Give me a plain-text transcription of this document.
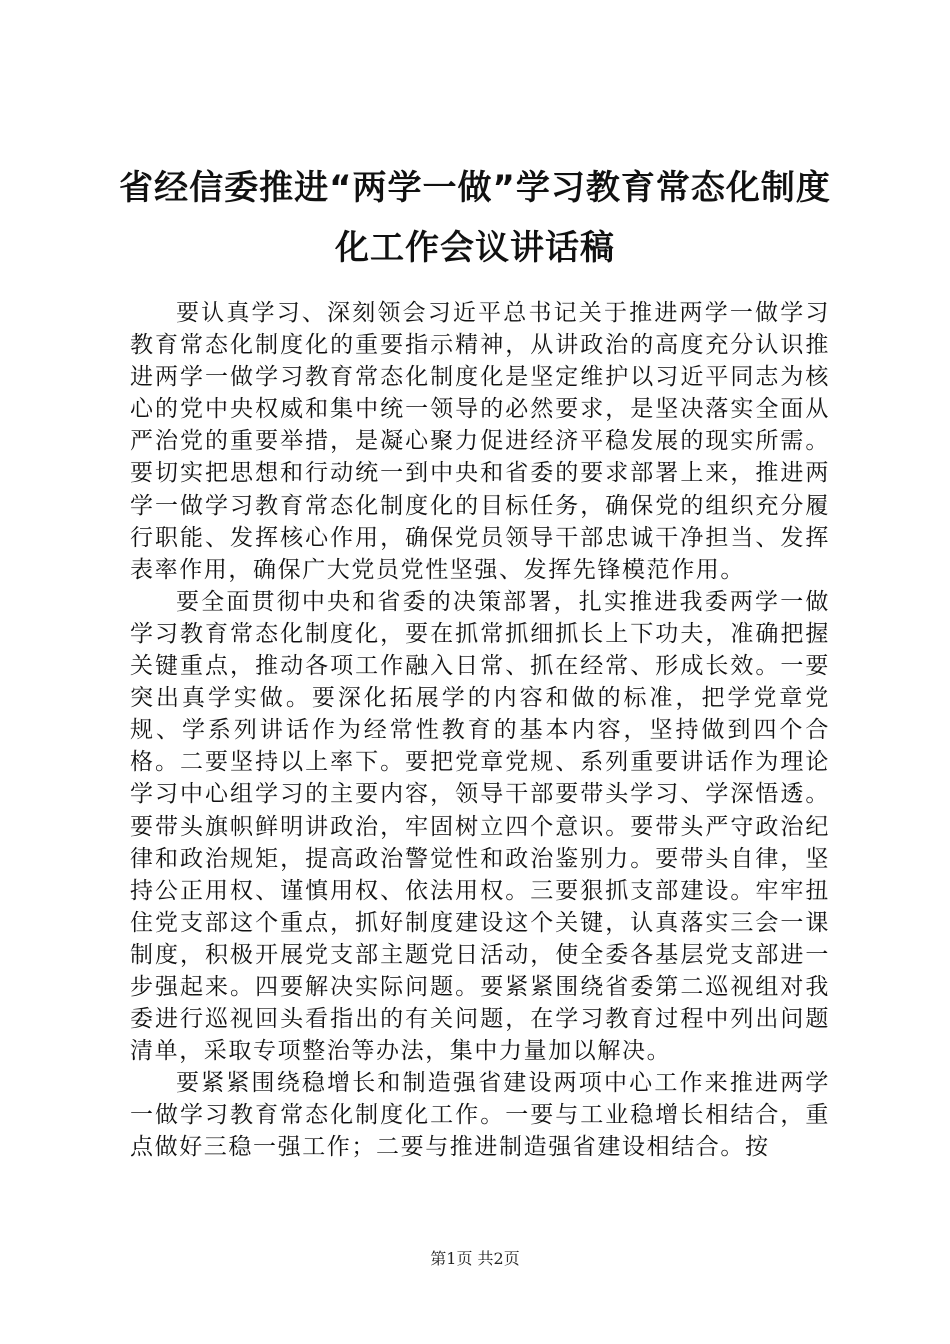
省经信委推进“两学一做”学习教育常态化制度化工作会议讲话稿

要认真学习、深刻领会习近平总书记关于推进两学一做学习教育常态化制度化的重要指示精神，从讲政治的高度充分认识推进两学一做学习教育常态化制度化是坚定维护以习近平同志为核心的党中央权威和集中统一领导的必然要求，是坚决落实全面从严治党的重要举措，是凝心聚力促进经济平稳发展的现实所需。要切实把思想和行动统一到中央和省委的要求部署上来，推进两学一做学习教育常态化制度化的目标任务，确保党的组织充分履行职能、发挥核心作用，确保党员领导干部忠诚干净担当、发挥表率作用，确保广大党员党性坚强、发挥先锋模范作用。

要全面贯彻中央和省委的决策部署，扎实推进我委两学一做学习教育常态化制度化，要在抓常抓细抓长上下功夫，准确把握关键重点，推动各项工作融入日常、抓在经常、形成长效。一要突出真学实做。要深化拓展学的内容和做的标准，把学党章党规、学系列讲话作为经常性教育的基本内容，坚持做到四个合格。二要坚持以上率下。要把党章党规、系列重要讲话作为理论学习中心组学习的主要内容，领导干部要带头学习、学深悟透。要带头旗帜鲜明讲政治，牢固树立四个意识。要带头严守政治纪律和政治规矩，提高政治警觉性和政治鉴别力。要带头自律，坚持公正用权、谨慎用权、依法用权。三要狠抓支部建设。牢牢扭住党支部这个重点，抓好制度建设这个关键，认真落实三会一课制度，积极开展党支部主题党日活动，使全委各基层党支部进一步强起来。四要解决实际问题。要紧紧围绕省委第二巡视组对我委进行巡视回头看指出的有关问题，在学习教育过程中列出问题清单，采取专项整治等办法，集中力量加以解决。

要紧紧围绕稳增长和制造强省建设两项中心工作来推进两学一做学习教育常态化制度化工作。一要与工业稳增长相结合，重点做好三稳一强工作；二要与推进制造强省建设相结合。按

第1页 共2页
